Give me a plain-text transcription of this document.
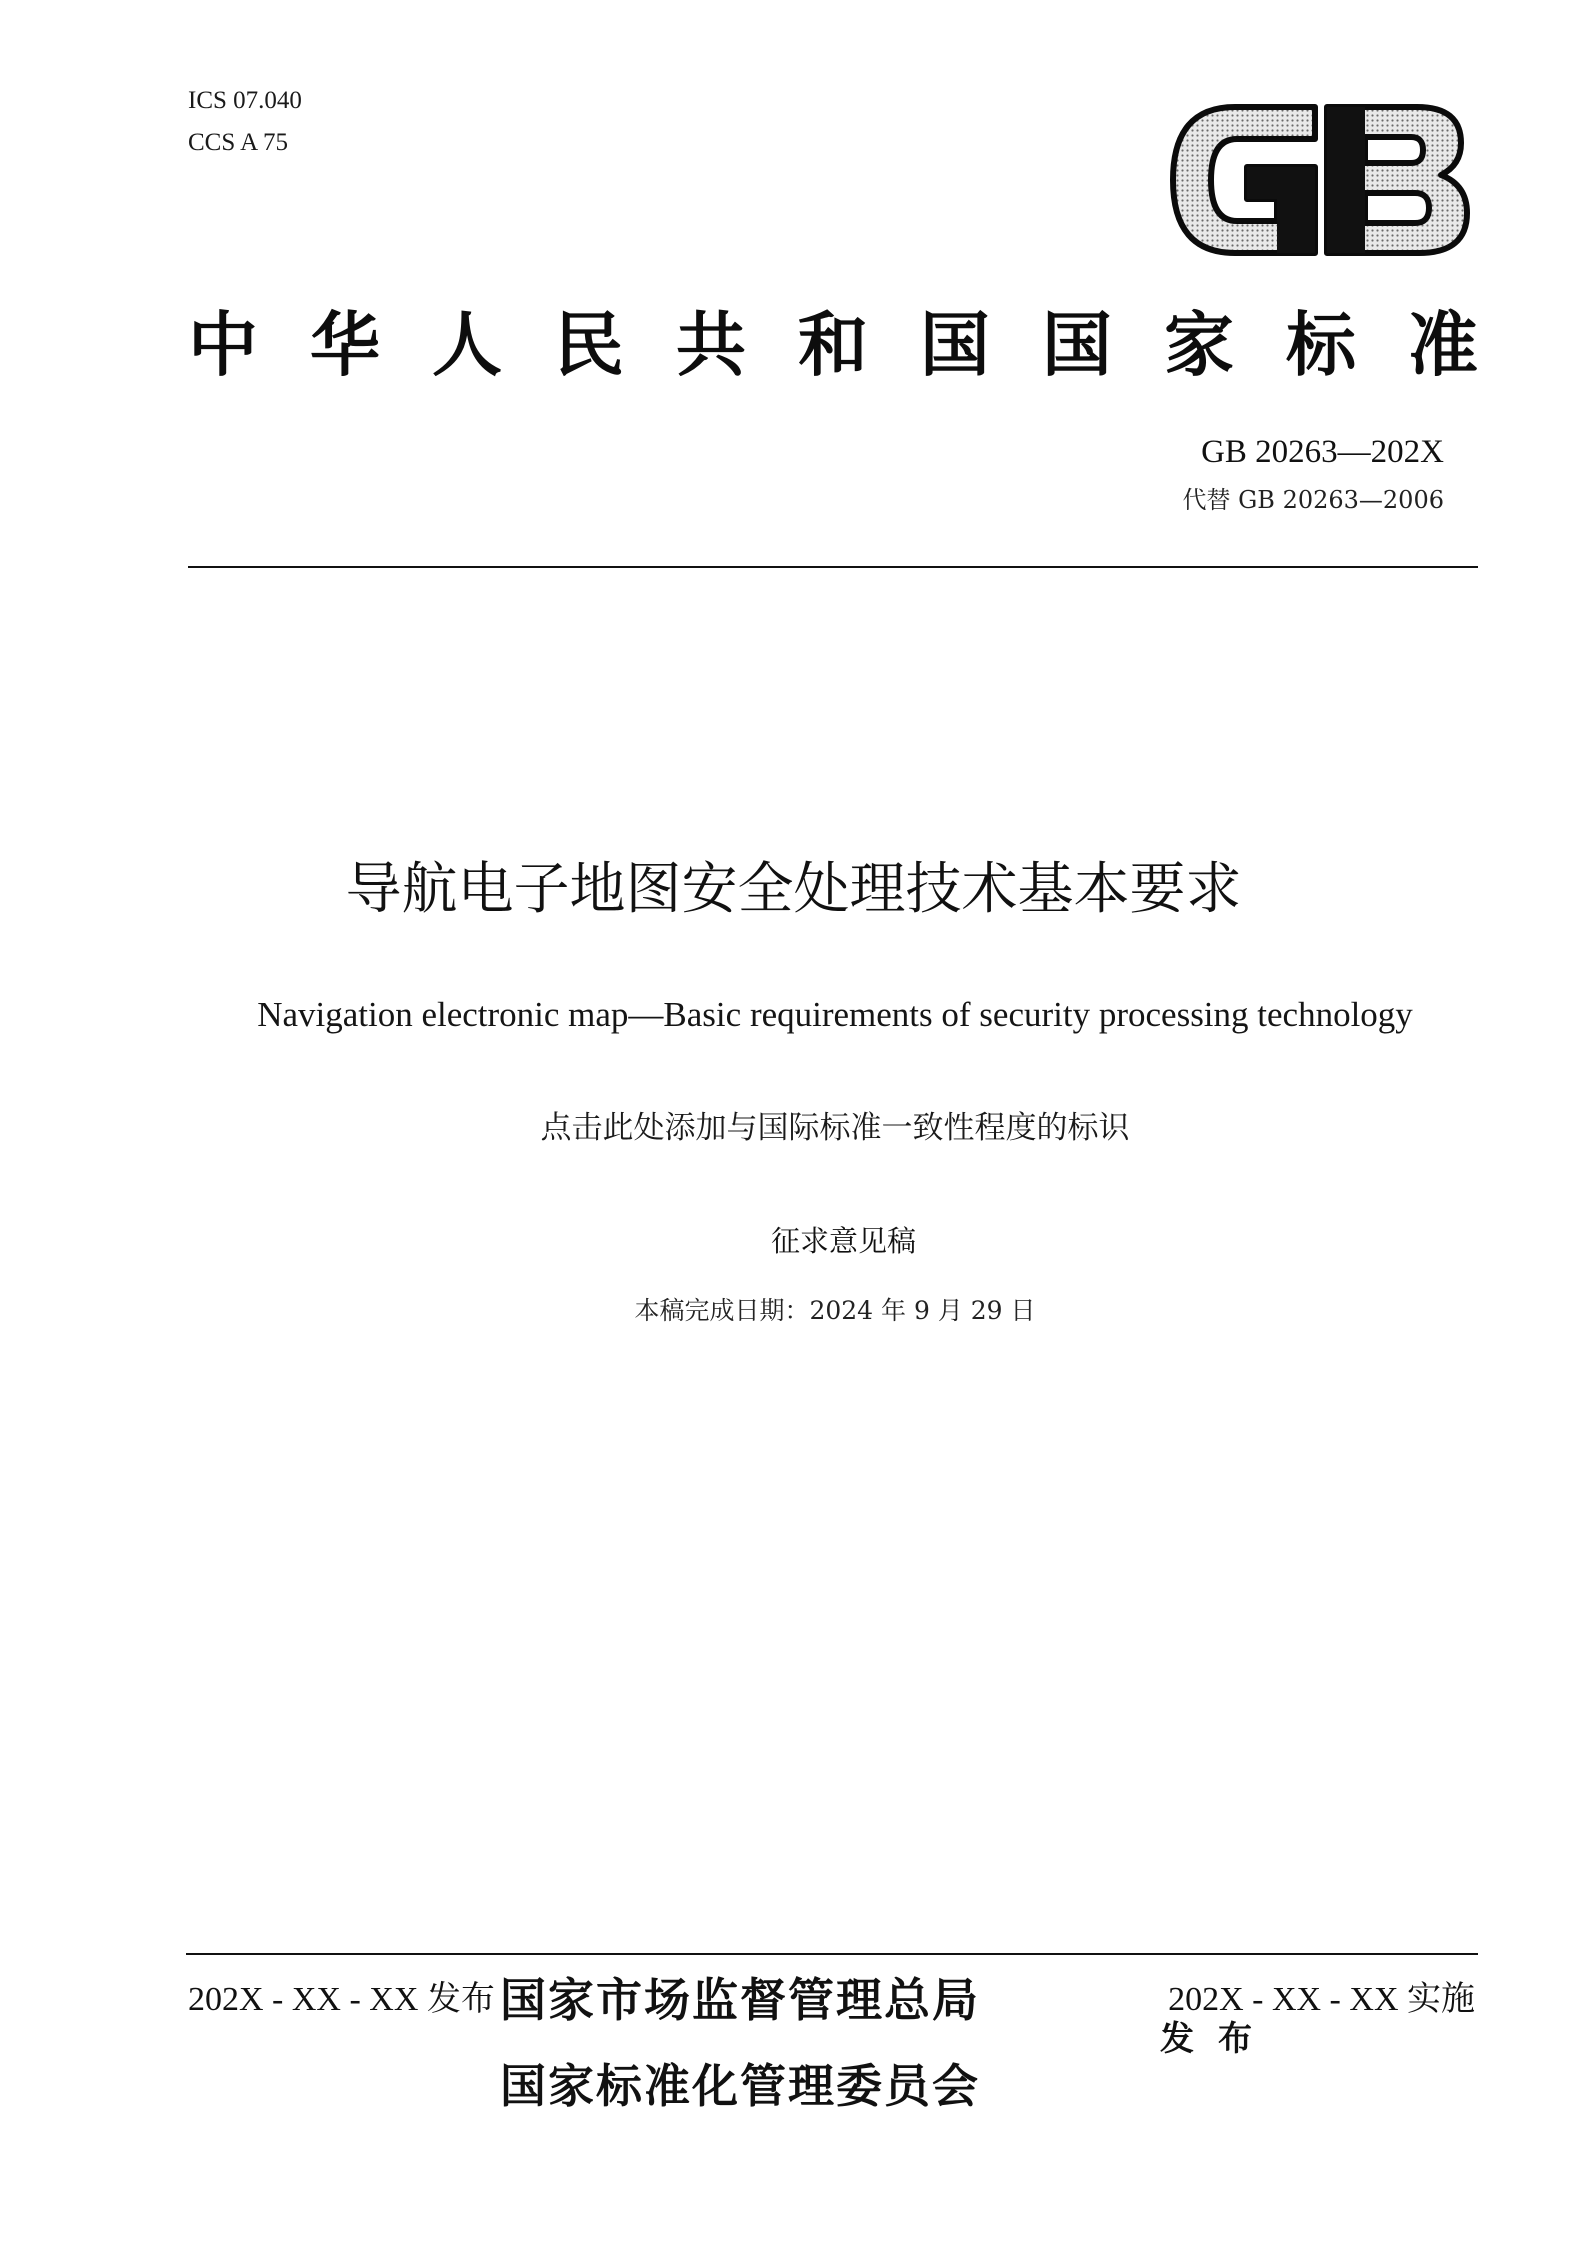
ICS 07.040
CCS A 75
中 华 人 民 共 和 国 国 家 标 准
GB 20263—202X
代替 GB 20263—2006
导航电子地图安全处理技术基本要求
Navigation electronic map—Basic requirements of security processing technology
点击此处添加与国际标准一致性程度的标识
征求意见稿
本稿完成日期：2024 年 9 月 29 日
202X - XX - XX 发布	202X - XX - XX 实施
国家市场监督管理总局
发布
国家标准化管理委员会
